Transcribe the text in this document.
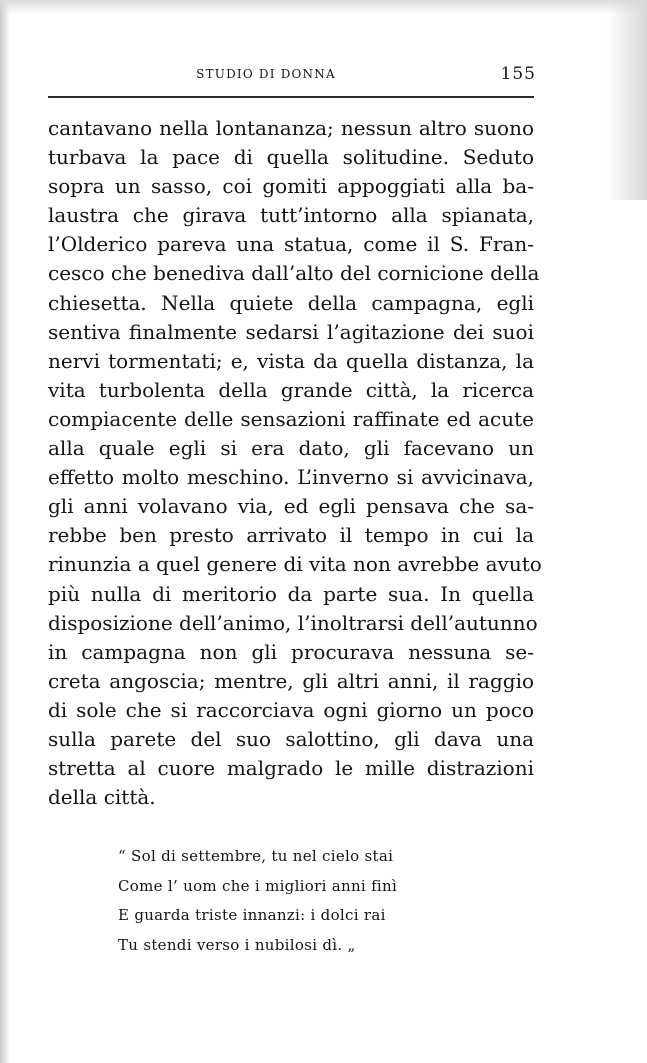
STUDIO DI DONNA	155
cantavano nella lontananza; nessun altro suono
turbava la pace di quella solitudine. Seduto
sopra un sasso, coi gomiti appoggiati alla ba-
laustra che girava tutt’intorno alla spianata,
l’Olderico pareva una statua, come il S. Fran-
cesco che benediva dall’alto del cornicione della
chiesetta. Nella quiete della campagna, egli
sentiva finalmente sedarsi l’agitazione dei suoi
nervi tormentati; e, vista da quella distanza, la
vita turbolenta della grande città, la ricerca
compiacente delle sensazioni raffinate ed acute
alla quale egli si era dato, gli facevano un
effetto molto meschino. L’inverno si avvicinava,
gli anni volavano via, ed egli pensava che sa-
rebbe ben presto arrivato il tempo in cui la
rinunzia a quel genere di vita non avrebbe avuto
più nulla di meritorio da parte sua. In quella
disposizione dell’animo, l’inoltrarsi dell’autunno
in campagna non gli procurava nessuna se-
creta angoscia; mentre, gli altri anni, il raggio
di sole che si raccorciava ogni giorno un poco
sulla parete del suo salottino, gli dava una
stretta al cuore malgrado le mille distrazioni
della città.
“ Sol di settembre, tu nel cielo stai
Come l’ uom che i migliori anni finì
E guarda triste innanzi: i dolci rai
Tu stendi verso i nubilosi dì. „
